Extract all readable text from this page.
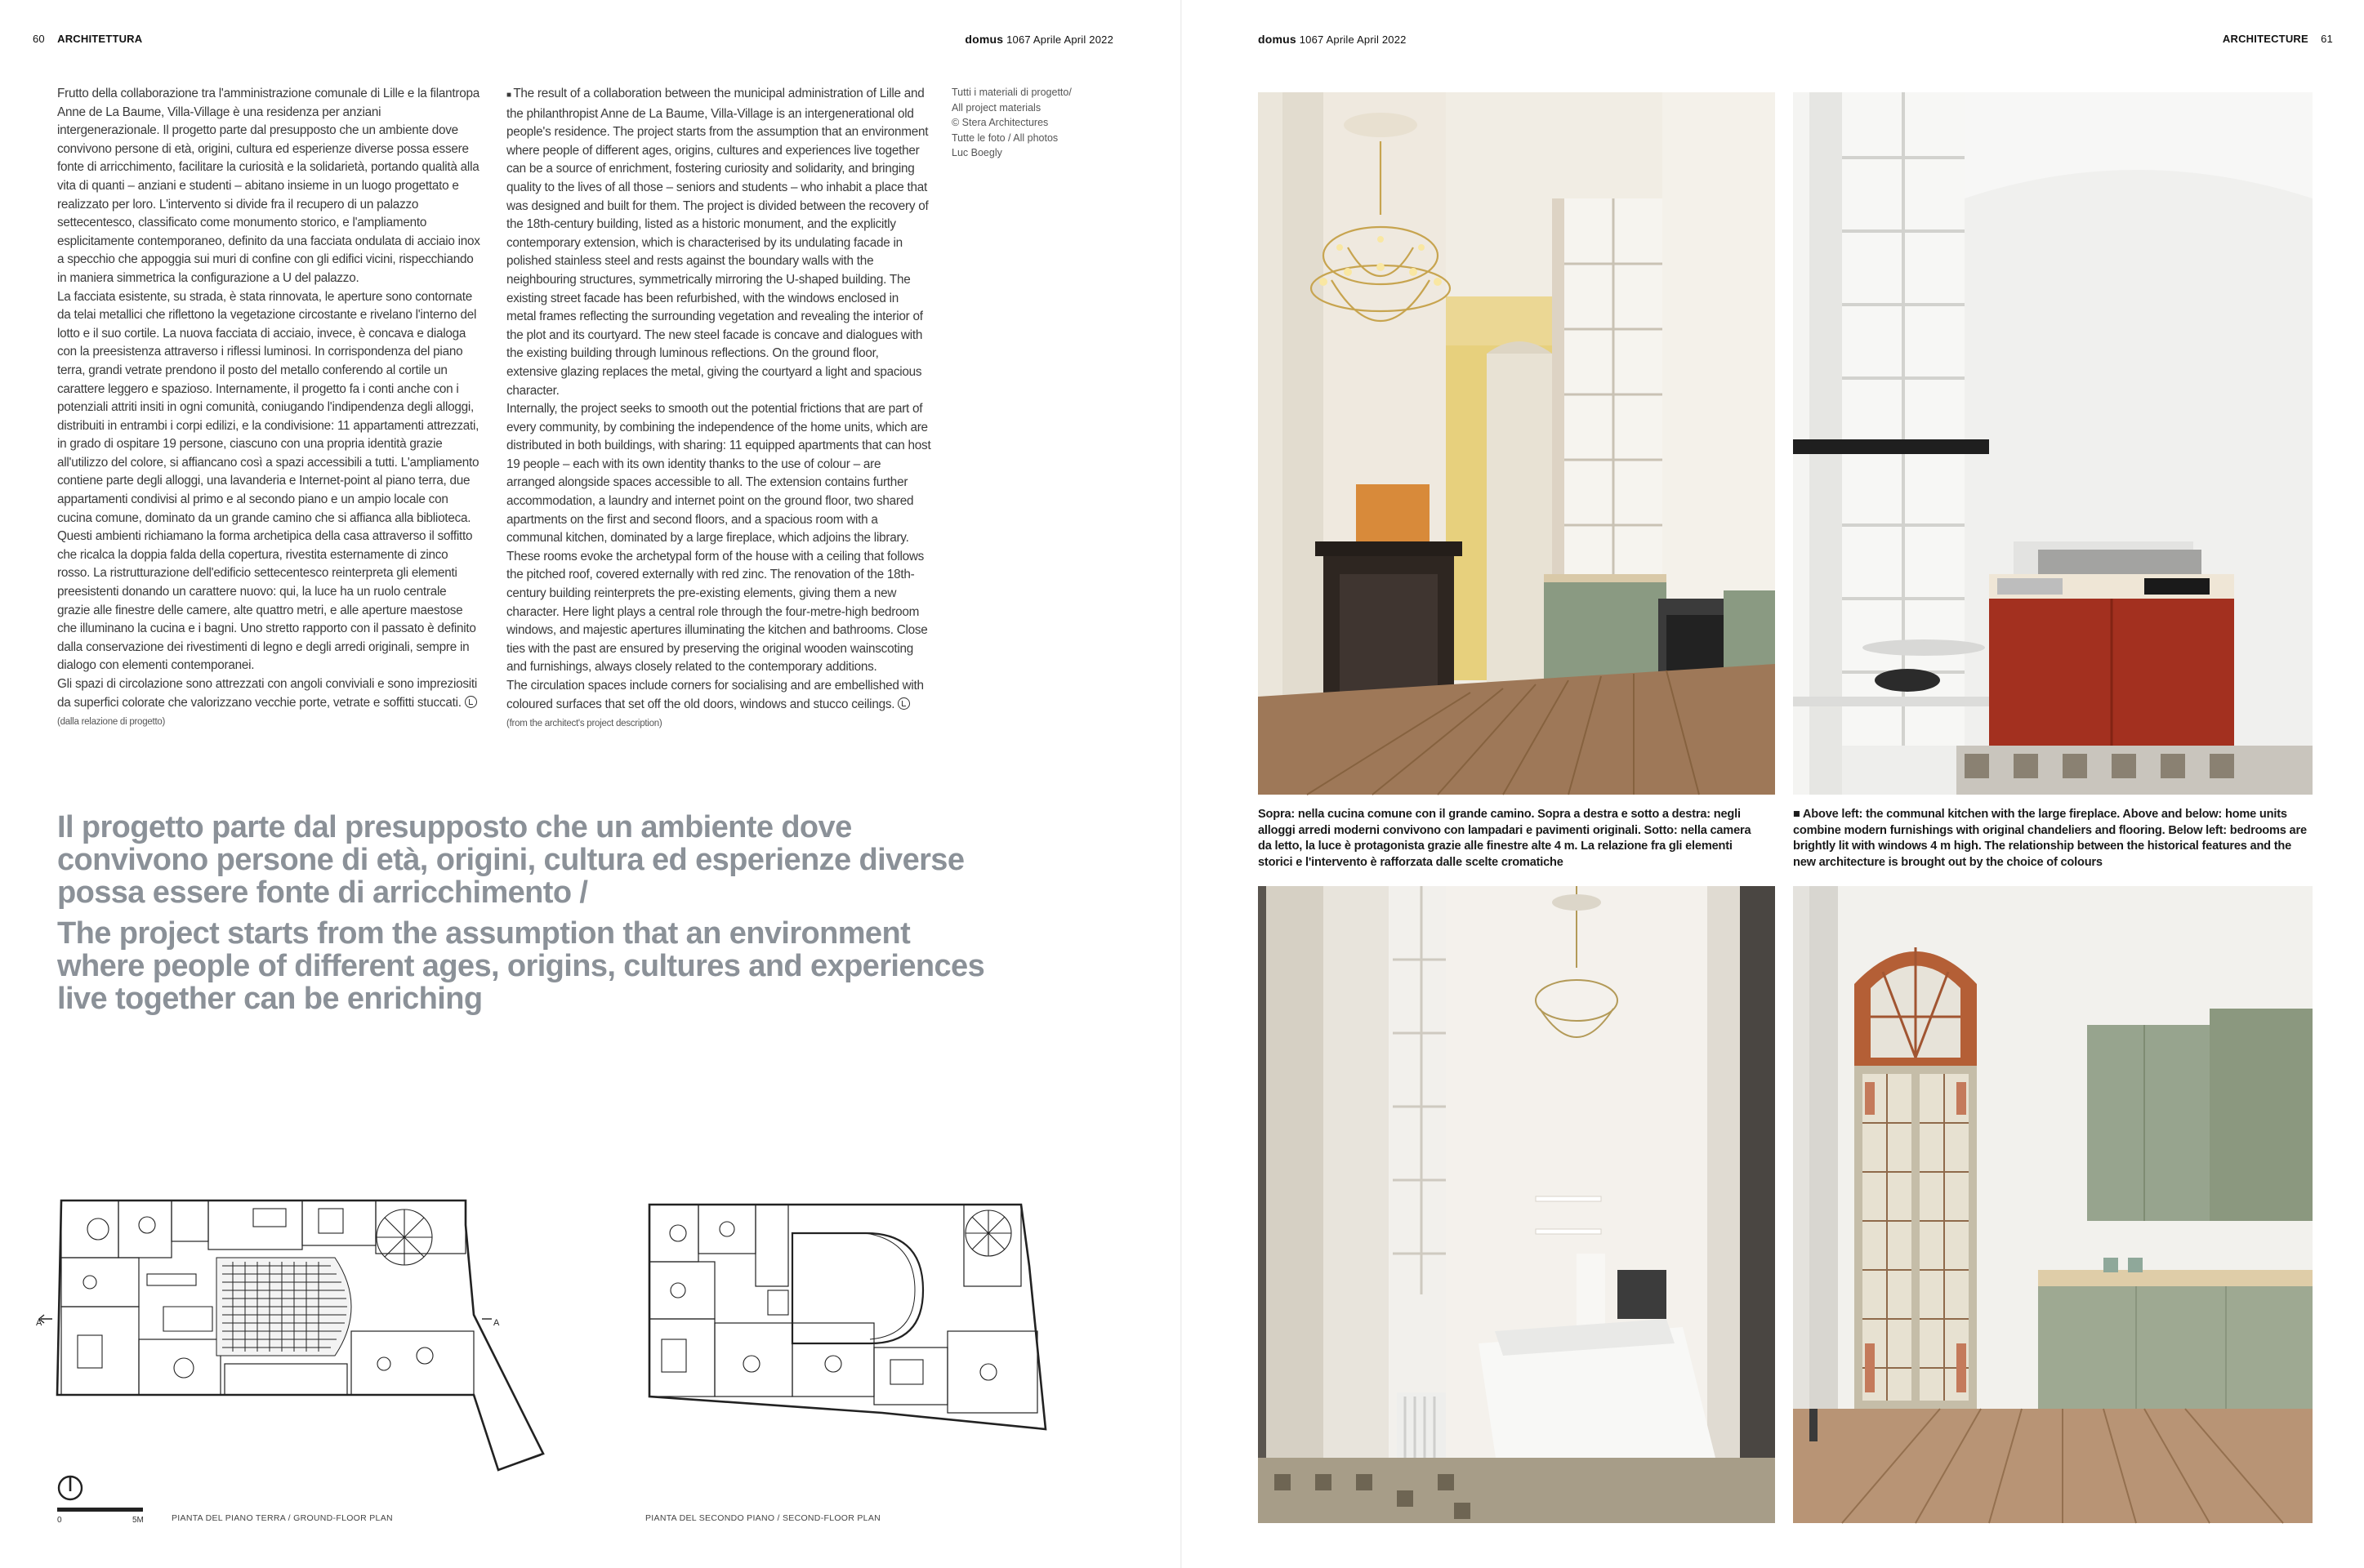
60 ARCHITETTURA	domus 1067 Aprile April 2022

Frutto della collaborazione tra l'amministrazione comunale di Lille e la filantropa Anne de La Baume, Villa-Village è una residenza per anziani intergenerazionale. Il progetto parte dal presupposto che un ambiente dove convivono persone di età, origini, cultura ed esperienze diverse possa essere fonte di arricchimento, facilitare la curiosità e la solidarietà, portando qualità alla vita di quanti – anziani e studenti – abitano insieme in un luogo progettato e realizzato per loro. L'intervento si divide fra il recupero di un palazzo settecentesco, classificato come monumento storico, e l'ampliamento esplicitamente contemporaneo, definito da una facciata ondulata di acciaio inox a specchio che appoggia sui muri di confine con gli edifici vicini, rispecchiando in maniera simmetrica la configurazione a U del palazzo.

La facciata esistente, su strada, è stata rinnovata, le aperture sono contornate da telai metallici che riflettono la vegetazione circostante e rivelano l'interno del lotto e il suo cortile. La nuova facciata di acciaio, invece, è concava e dialoga con la preesistenza attraverso i riflessi luminosi. In corrispondenza del piano terra, grandi vetrate prendono il posto del metallo conferendo al cortile un carattere leggero e spazioso. Internamente, il progetto fa i conti anche con i potenziali attriti insiti in ogni comunità, coniugando l'indipendenza degli alloggi, distribuiti in entrambi i corpi edilizi, e la condivisione: 11 appartamenti attrezzati, in grado di ospitare 19 persone, ciascuno con una propria identità grazie all'utilizzo del colore, si affiancano così a spazi accessibili a tutti. L'ampliamento contiene parte degli alloggi, una lavanderia e Internet-point al piano terra, due appartamenti condivisi al primo e al secondo piano e un ampio locale con cucina comune, dominato da un grande camino che si affianca alla biblioteca. Questi ambienti richiamano la forma archetipica della casa attraverso il soffitto che ricalca la doppia falda della copertura, rivestita esternamente di zinco rosso. La ristrutturazione dell'edificio settecentesco reinterpreta gli elementi preesistenti donando un carattere nuovo: qui, la luce ha un ruolo centrale grazie alle finestre delle camere, alte quattro metri, e alle aperture maestose che illuminano la cucina e i bagni. Uno stretto rapporto con il passato è definito dalla conservazione dei rivestimenti di legno e degli arredi originali, sempre in dialogo con elementi contemporanei.

Gli spazi di circolazione sono attrezzati con angoli conviviali e sono impreziositi da superfici colorate che valorizzano vecchie porte, vetrate e soffitti stuccati. (dalla relazione di progetto)

■ The result of a collaboration between the municipal administration of Lille and the philanthropist Anne de La Baume, Villa-Village is an intergenerational old people's residence. The project starts from the assumption that an environment where people of different ages, origins, cultures and experiences live together can be a source of enrichment, fostering curiosity and solidarity, and bringing quality to the lives of all those – seniors and students – who inhabit a place that was designed and built for them. The project is divided between the recovery of the 18th-century building, listed as a historic monument, and the explicitly contemporary extension, which is characterised by its undulating facade in polished stainless steel and rests against the boundary walls with the neighbouring structures, symmetrically mirroring the U-shaped building. The existing street facade has been refurbished, with the windows enclosed in metal frames reflecting the surrounding vegetation and revealing the interior of the plot and its courtyard. The new steel facade is concave and dialogues with the existing building through luminous reflections. On the ground floor, extensive glazing replaces the metal, giving the courtyard a light and spacious character.

Internally, the project seeks to smooth out the potential frictions that are part of every community, by combining the independence of the home units, which are distributed in both buildings, with sharing: 11 equipped apartments that can host 19 people – each with its own identity thanks to the use of colour – are arranged alongside spaces accessible to all. The extension contains further accommodation, a laundry and internet point on the ground floor, two shared apartments on the first and second floors, and a spacious room with a communal kitchen, dominated by a large fireplace, which adjoins the library. These rooms evoke the archetypal form of the house with a ceiling that follows the pitched roof, covered externally with red zinc. The renovation of the 18th-century building reinterprets the pre-existing elements, giving them a new character. Here light plays a central role through the four-metre-high bedroom windows, and majestic apertures illuminating the kitchen and bathrooms. Close ties with the past are ensured by preserving the original wooden wainscoting and furnishings, always closely related to the contemporary additions.

The circulation spaces include corners for socialising and are embellished with coloured surfaces that set off the old doors, windows and stucco ceilings. (from the architect's project description)

Tutti i materiali di progetto/
All project materials
© Stera Architectures
Tutte le foto / All photos
Luc Boegly
Il progetto parte dal presupposto che un ambiente dove convivono persone di età, origini, cultura ed esperienze diverse possa essere fonte di arricchimento /
The project starts from the assumption that an environment where people of different ages, origins, cultures and experiences live together can be enriching
A	A
0	5M	PIANTA DEL PIANO TERRA / GROUND-FLOOR PLAN	PIANTA DEL SECONDO PIANO / SECOND-FLOOR PLAN
domus 1067 Aprile April 2022	ARCHITECTURE 61
Sopra: nella cucina comune con il grande camino. Sopra a destra e sotto a destra: negli alloggi arredi moderni convivono con lampadari e pavimenti originali. Sotto: nella camera da letto, la luce è protagonista grazie alle finestre alte 4 m. La relazione fra gli elementi storici e l'intervento è rafforzata dalle scelte cromatiche
■ Above left: the communal kitchen with the large fireplace. Above and below: home units combine modern furnishings with original chandeliers and flooring. Below left: bedrooms are brightly lit with windows 4 m high. The relationship between the historical features and the new architecture is brought out by the choice of colours
